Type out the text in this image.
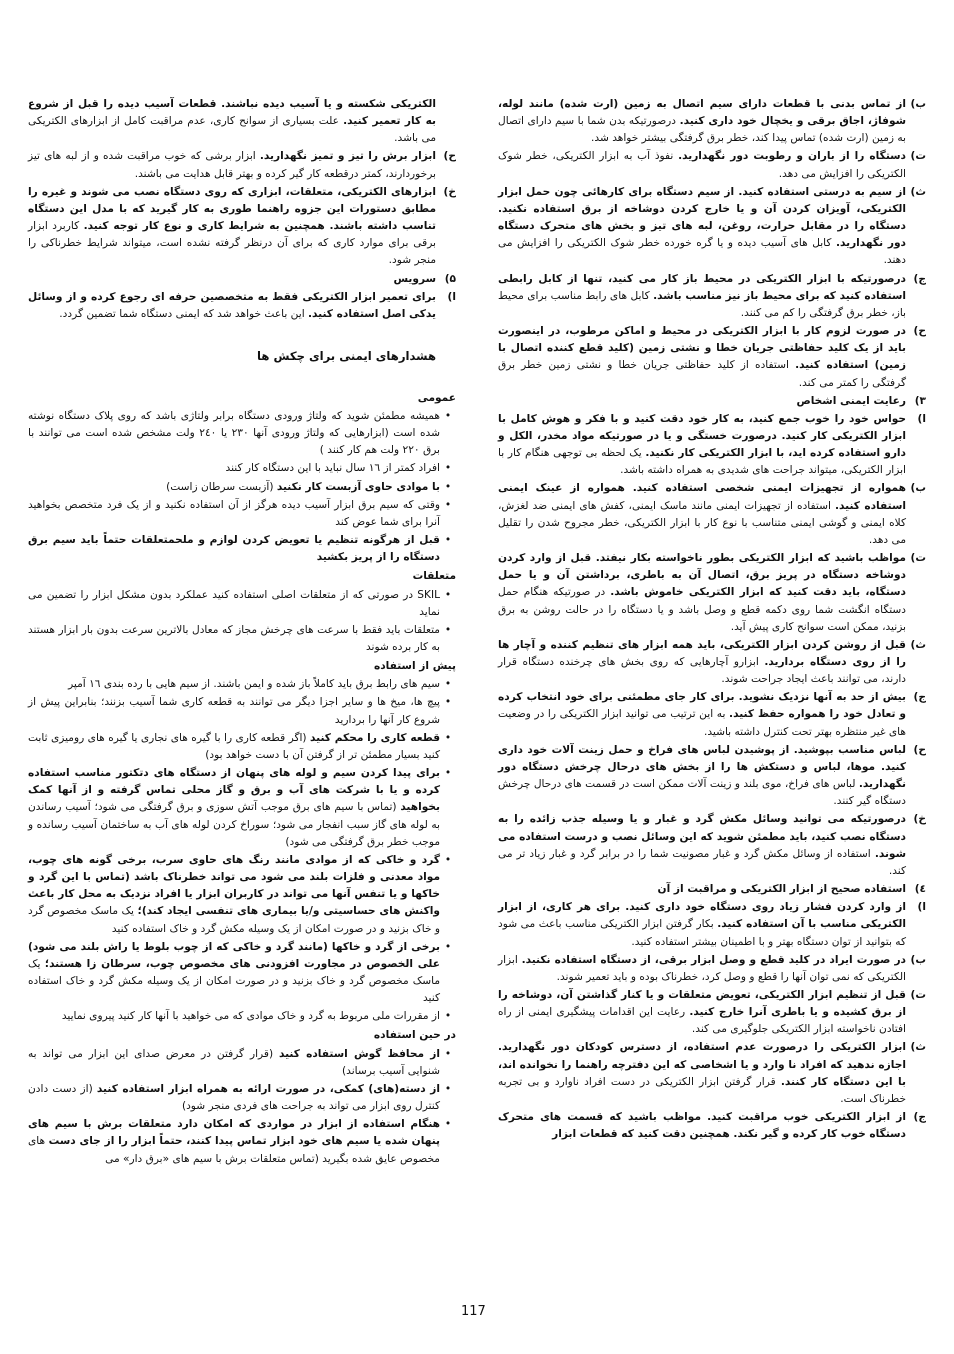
ب)
از تماس بدنی با قطعات دارای سیم اتصال به زمین (ارت شده) مانند لوله، شوفاژ، اجاق برقی و یخچال خود داری کنید. درصورتیکه بدن شما با سیم دارای اتصال به زمین (ارت شده) تماس پیدا کند، خطر برق گرفتگی بیشتر خواهد شد.
ت)
دستگاه را از باران و رطوبت دور نگهدارید. نفوذ آب به ابزار الکتریکی، خطر شوک الکتریکی را افزایش می دهد.
ث)
از سیم به درستی استفاده کنید. از سیم دستگاه برای کارهائی چون حمل ابزار الکتریکی، آویزان کردن آن و یا خارج کردن دوشاخه از برق استفاده نکنید. دستگاه را در مقابل حرارت، روغن، لبه های تیز و بخش های متحرک دستگاه دور نگهدارید. کابل های آسیب دیده و یا گره خورده خطر شوک الکتریکی را افزایش می دهند.
ج)
درصورتیکه با ابزار الکتریکی در محیط باز کار می کنید، تنها از کابل رابطی استفاده کنید که برای محیط باز نیز مناسب باشد. کابل های رابط مناسب برای محیط باز، خطر برق گرفتگی را کم می کنند.
ح)
در صورت لزوم کار با ابزار الکتریکی در محیط و اماکن مرطوب، در اینصورت باید از یک کلید حفاظتی جریان خطا و نشتی زمین (کلید قطع کننده اتصال با زمین) استفاده کنید. استفاده از کلید حفاظتی جریان خطا و نشتی زمین خطر برق گرفتگی را کمتر می کند.
۳)
رعایت ایمنی اشخاص
ا)
حواس خود را خوب جمع کنید، به کار خود دقت کنید و با فکر و هوش کامل با ابزار الکتریکی کار کنید. درصورت خستگی و یا در صورتیکه مواد مخدر، الکل و دارو استفاده کرده اید، با ابزار الکتریکی کار نکنید. یک لحظه بی توجهی هنگام کار با ابزار الکتریکی، میتواند جراحت های شدیدی به همراه داشته باشد.
ب)
همواره از تجهیزات ایمنی شخصی استفاده کنید. همواره از عینک ایمنی استفاده کنید. استفاده از تجهیزات ایمنی مانند ماسک ایمنی، کفش های ایمنی ضد لغزش، کلاه ایمنی و گوشی ایمنی متناسب با نوع کار با ابزار الکتریکی، خطر مجروح شدن را تقلیل می دهد.
ت)
مواظب باشید که ابزار الکتریکی بطور ناخواسته بکار نیفتد. قبل از وارد کردن دوشاخه دستگاه در پریز برق، اتصال آن به باطری، برداشتن آن و یا حمل دستگاه، باید دقت کنید که ابزار الکتریکی خاموش باشد. در صورتیکه هنگام حمل دستگاه انگشت شما روی دکمه قطع و وصل باشد و یا دستگاه را در حالت روشن به برق بزنید، ممکن است سوانح کاری پیش آید.
ث)
قبل از روشن کردن ابزار الکتریکی، باید همه ابزار های تنظیم کننده و آچار ها را از روی دستگاه بردارید. ابزارو آچارهایی که روی بخش های چرخنده دستگاه قرار دارند، می توانند باعث ایجاد جراحت شوند.
ج)
بیش از حد به آنها نزدیک نشوید. برای کار جای مطمئنی برای خود انتخاب کرده و تعادل خود را همواره حفظ کنید. به این ترتیب می توانید ابزار الکتریکی را در وضعیت های غیر منتظره بهتر تحت کنترل داشته باشید.
ح)
لباس مناسب بپوشید. از پوشیدن لباس های فراخ و حمل زینت آلات خود داری کنید. موها، لباس و دستکش ها را از بخش های درحال چرخش دستگاه دور نگهدارید. لباس های فراخ، موی بلند و زینت آلات ممکن است در قسمت های درحال چرخش دستگاه گیر کنند.
خ)
درصورتیکه می توانید وسائل مکش گرد و غبار و یا وسیله جذب زائده را به دستگاه نصب کنید، باید مطمئن شوید که این وسائل نصب و درست استفاده می شوند. استفاده از وسائل مکش گرد و غبار مصونیت شما را در برابر گرد و غبار زیاد تر می کند.
٤)
استفاده صحیح از ابزار الکتریکی و مراقبت از آن
ا)
از وارد کردن فشار زیاد روی دستگاه خود داری کنید. برای هر کاری، از ابزار الکتریکی مناسب با آن استفاده کنید. بکار گرفتن ابزار الکتریکی مناسب باعث می شود که بتوانید از توان دستگاه بهتر و با اطمینان بیشتر استفاده کنید.
ب)
در صورت ایراد در کلید قطع و وصل ابزار برقی، از دستگاه استفاده نکنید. ابزار الکتریکی که نمی توان آنها را قطع و وصل کرد، خطرناک بوده و باید تعمیر شوند.
ت)
قبل از تنظیم ابزار الکتریکی، تعویض متعلقات و یا کنار گذاشتن آن، دوشاخه را از برق کشیده و یا باطری آنرا خارج کنید. رعایت این اقدامات پیشگیری ایمنی از راه افتادن ناخواسته ابزار الکتریکی جلوگیری می کند.
ث)
ابزار الکتریکی را درصورت عدم استفاده، از دسترس کودکان دور نگهدارید. اجازه ندهید که افراد نا وارد و یا اشخاصی که این دفترچه راهنما را نخوانده اند، با این دستگاه کار کنند. قرار گرفتن ابزار الکتریکی در دست افراد ناوارد و بی تجربه خطرناک است.
ج)
از ابزار الکتریکی خوب مراقبت کنید. مواظب باشید که قسمت های متحرک دستگاه خوب کار کرده و گیر نکند. همچنین دقت کنید که قطعات ابزار
الکتریکی شکسته و یا آسیب دیده نباشند. قطعات آسیب دیده را قبل از شروع به کار تعمیر کنید. علت بسیاری از سوانح کاری، عدم مراقبت کامل از ابزارهای الکتریکی می باشد.
ح)
ابزار برش را تیز و تمیز نگهدارید. ابزار برشی که خوب مراقبت شده و از لبه های تیز برخوردارند، کمتر درقطعه کار گیر کرده و بهتر قابل هدایت می باشند.
خ)
ابزارهای الکتریکی، متعلقات، ابزاری که روی دستگاه نصب می شوند و غیره را مطابق دستورات این جزوه راهنما طوری به کار گیرید که با مدل این دستگاه تناسب داشته باشند. همچنین به شرایط کاری و نوع کار توجه کنید. کاربرد ابزار برقی برای موارد کاری که برای آن درنظر گرفته نشده است، میتواند شرایط خطرناکی را منجر شود.
۵)
سرویس
ا)
برای تعمیر ابزار الکتریکی فقط به متخصصین حرفه ای رجوع کرده و از وسائل یدکی اصل استفاده کنید. این باعث خواهد شد که ایمنی دستگاه شما تضمین گردد.
هشدارهای ایمنی برای چکش ها
عمومی
•
همیشه مطمئن شوید که ولتاژ ورودی دستگاه برابر ولتاژی باشد که روی پلاک دستگاه نوشته شده است (ابزارهایی که ولتاژ ورودی آنها ۲۳۰ یا ۲٤۰ ولت مشخص شده است می توانند با برق ۲۲۰ ولت هم کار کنند )
•
افراد کمتر از ١٦ سال نباید با این دستگاه کار کنند
•
با موادی حاوی آزبست کار نکنید (آزبست سرطان زاست)
•
وقتی که سیم برق ابزار آسیب دیده هرگز از آن استفاده نکنید و از یک فرد متخصص بخواهید آنرا برای شما عوض کند
•
قبل از هرگونه تنظیم یا تعویض کردن لوازم و ملحمتعلقات حتماً باید سیم برق دستگاه را از پریز بکشید
متعلقات
•
SKIL در صورتی که از متعلقات اصلی استفاده کنید عملکرد بدون مشکل ابزار را تضمین می نماید
•
متعلقات باید فقط با سرعت های چرخش مجاز که معادل بالاترین سرعت بدون بار ابزار هستند به کار برده شوند
پیش از استفاده
•
سیم های رابط برق باید کاملاً باز شده و ایمن باشند. از سیم هایی با رده بندی ١٦ آمپر
•
پیچ ها، میخ ها و سایر اجزا دیگر می توانند به قطعه کاری شما آسیب بزنند؛ بنابراین پیش از شروع کار آنها را بردارید
•
قطعه کاری را محکم کنید (اگر قطعه کاری را با گیره های نجاری یا گیره های رومیزی ثابت کنید بسیار مطمئن تر از گرفتن آن با دست خواهد بود)
•
برای پیدا کردن سیم و لوله های پنهان از دستگاه های دتکتور مناسب استفاده کرده و یا با شرکت های آب و برق و گاز محلی تماس گرفته و از آنها کمک بخواهید (تماس با سیم های برق موجب آتش سوزی و برق گرفتگی می شود؛ آسیب رساندن به لوله های گاز سبب انفجار می شود؛ سوراخ کردن لوله های آب به ساختمان آسیب رسانده و موجب خطر برق گرفتگی می شود)
•
گرد و خاکی که از موادی مانند رنگ های حاوی سرب، برخی گونه های چوب، مواد معدنی و فلزات بلند می شود می تواند خطرناک باشد (تماس با این گرد و خاکها و یا تنفس آنها می تواند در کاربران ابزار یا افراد نزدیک به محل کار باعث واکنش های حساسیتی و/یا بیماری های تنفسی ایجاد کند)؛ یک ماسک مخصوص گرد و خاک بزنید و در صورت امکان از یک وسیله مکش گرد و خاک استفاده کنید
•
برخی از گرد و خاکها (مانند گرد و خاکی که از چوب بلوط یا راش بلند می شود) علی الخصوص در مجاورت افزودنی های مخصوص چوب، سرطان زا هستند؛ یک ماسک مخصوص گرد و خاک بزنید و در صورت امکان از یک وسیله مکش گرد و خاک استفاده کنید
•
از مقررات ملی مربوط به گرد و خاک موادی که می خواهید با آنها کار کنید پیروی نمایید
در حین استفاده
•
از محافظ گوش استفاده کنید (قرار گرفتن در معرض صدای این ابزار می تواند به شنوایی آسیب برساند)
•
از دسته(های) کمکی، در صورت ارائه به همراه ابزار استفاده کنید (از دست دادن کنترل روی ابزار می تواند به جراحت های فردی منجر شود)
•
هنگام استفاده از ابزار در مواردی که امکان دارد متعلقات برش با سیم های پنهان شده یا سیم های خود ابزار تماس پیدا کنند، حتماً ابزار را از جای دست های مخصوص عایق شده بگیرید (تماس متعلقات برش با سیم های «برق دار» می
117
